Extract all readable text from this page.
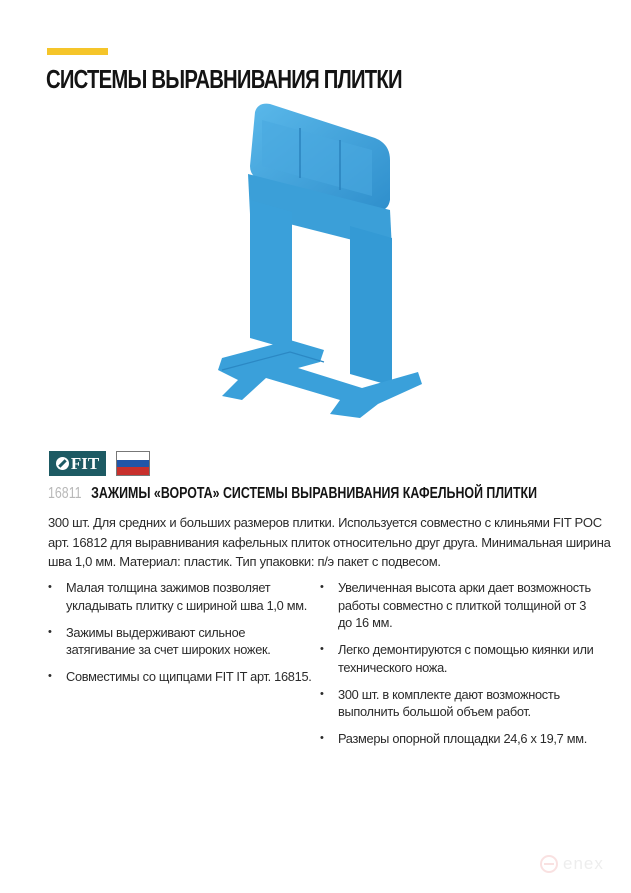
СИСТЕМЫ ВЫРАВНИВАНИЯ ПЛИТКИ
FIT
16811 ЗАЖИМЫ «ВОРОТА» СИСТЕМЫ ВЫРАВНИВАНИЯ КАФЕЛЬНОЙ ПЛИТКИ

300 шт. Для средних и больших размеров плитки. Используется совместно с клиньями FIT POC арт. 16812 для выравнивания кафельных плиток относительно друг друга. Минимальная ширина шва 1,0 мм. Материал: пластик. Тип упаковки: п/э пакет с подвесом.

• Малая толщина зажимов позволяет укладывать плитку с шириной шва 1,0 мм.
• Зажимы выдерживают сильное затягивание за счет широких ножек.
• Совместимы со щипцами FIT IT арт. 16815.
• Увеличенная высота арки дает возможность работы совместно с плиткой толщиной от 3 до 16 мм.
• Легко демонтируются с помощью киянки или технического ножа.
• 300 шт. в комплекте дают возможность выполнить большой объем работ.
• Размеры опорной площадки 24,6 х 19,7 мм.
enex
